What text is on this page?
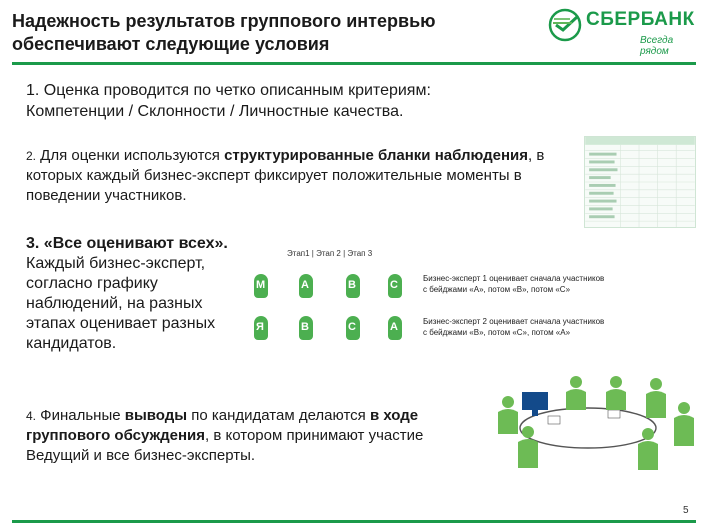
Надежность результатов группового интервью
обеспечивают следующие условия
СБЕРБАНК
Всегда рядом
1. Оценка проводится по четко описанным критериям:
Компетенции / Склонности / Личностные качества.
2. Для оценки используются структурированные бланки наблюдения, в которых каждый бизнес-эксперт фиксирует положительные моменты в поведении участников.
3. «Все оценивают всех». Каждый бизнес-эксперт, согласно графику наблюдений, на разных этапах оценивает разных кандидатов.
Этап1 | Этап 2 | Этап 3
М	А	В	С
Я	В	С	А
Бизнес-эксперт 1 оценивает сначала участников
с бейджами «А», потом «В», потом «С»
Бизнес-эксперт 2 оценивает сначала участников
с бейджами «В», потом «С», потом «А»
4. Финальные выводы по кандидатам делаются в ходе группового обсуждения, в котором принимают участие Ведущий и все бизнес-эксперты.
5
